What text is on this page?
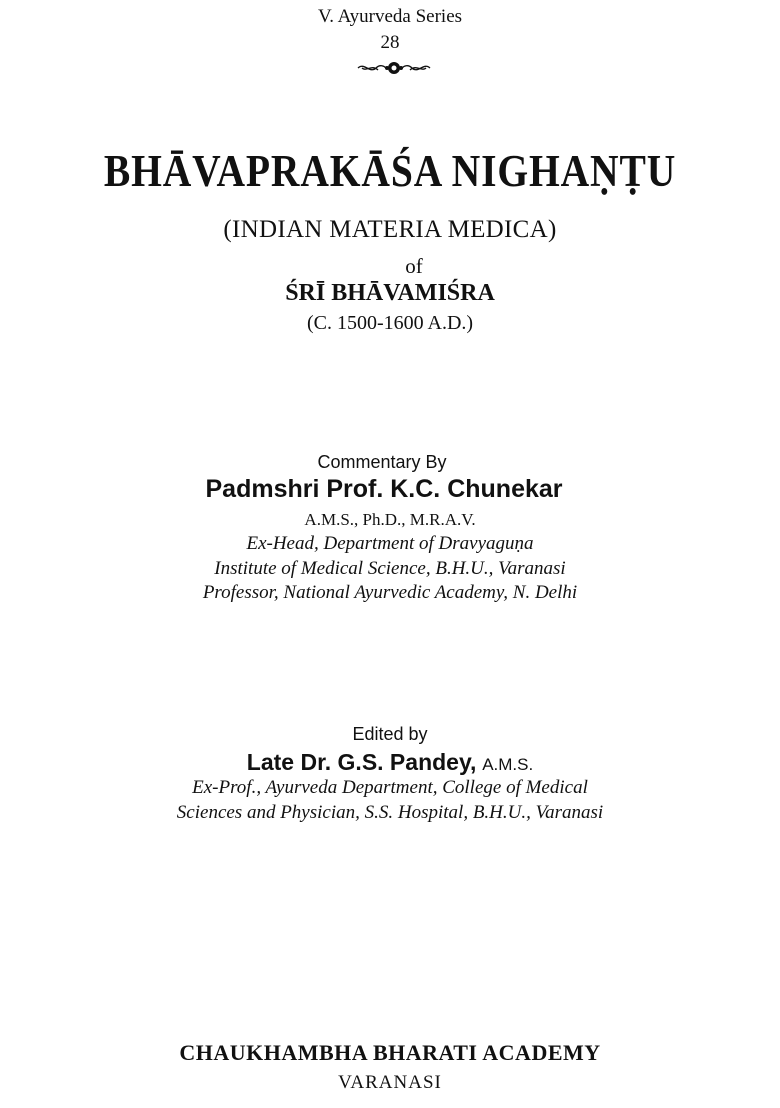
V. Ayurveda Series
28
BHĀVAPRAKĀŚA NIGHAṆṬU
(INDIAN MATERIA MEDICA)
of
ŚRĪ BHĀVAMIŚRA
(C. 1500-1600 A.D.)
Commentary By
Padmshri Prof. K.C. Chunekar
A.M.S., Ph.D., M.R.A.V.
Ex-Head, Department of Dravyaguṇa
Institute of Medical Science, B.H.U., Varanasi
Professor, National Ayurvedic Academy, N. Delhi
Edited by
Late Dr. G.S. Pandey, A.M.S.
Ex-Prof., Ayurveda Department, College of Medical
Sciences and Physician, S.S. Hospital, B.H.U., Varanasi
CHAUKHAMBHA BHARATI ACADEMY
VARANASI
